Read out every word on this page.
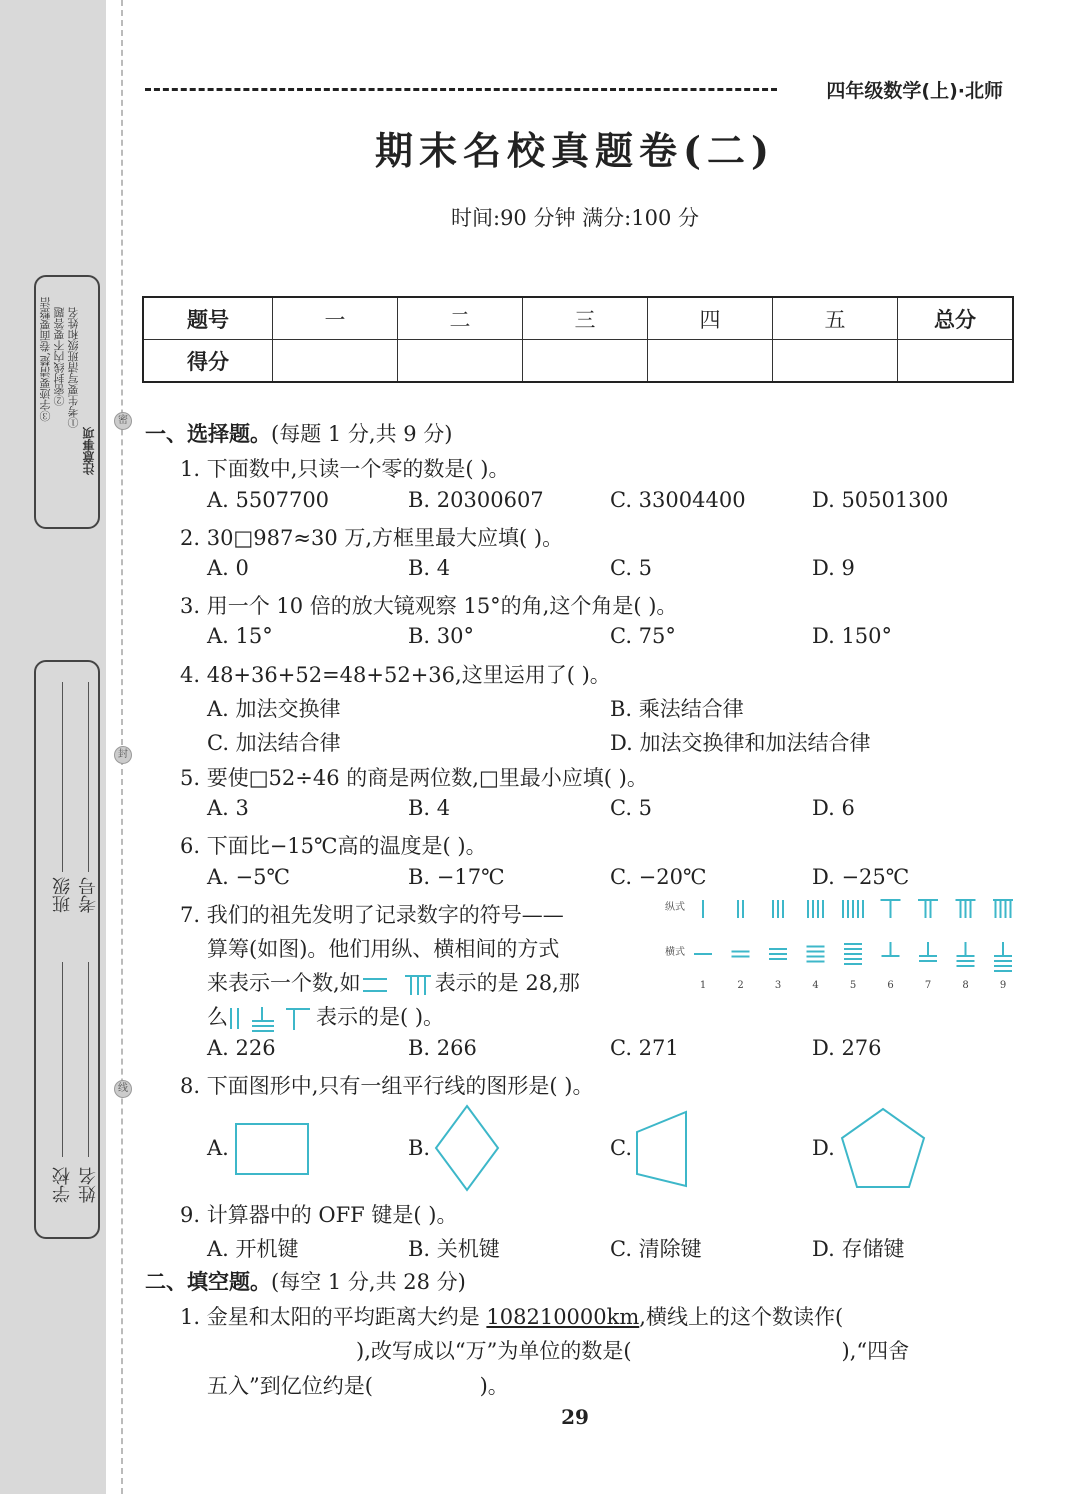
注意事项
①考生要写清班级和姓名
②密封线内不要答题
③字迹要清楚,卷面要整洁
班级 考号
学校 姓名
密
封
线
四年级数学(上)·北师
期末名校真题卷(二)
时间:90 分钟 满分:100 分
题号	一	二	三	四	五	总分
得分						
一、选择题。(每题 1 分,共 9 分)
1. 下面数中,只读一个零的数是( )。
A. 5507700	B. 20300607	C. 33004400	D. 50501300
2. 30□987≈30 万,方框里最大应填( )。
A. 0	B. 4	C. 5	D. 9
3. 用一个 10 倍的放大镜观察 15°的角,这个角是( )。
A. 15°	B. 30°	C. 75°	D. 150°
4. 48+36+52=48+52+36,这里运用了( )。
A. 加法交换律	B. 乘法结合律
C. 加法结合律	D. 加法交换律和加法结合律
5. 要使□52÷46 的商是两位数,□里最小应填( )。
A. 3	B. 4	C. 5	D. 6
6. 下面比−15℃高的温度是( )。
A. −5℃	B. −17℃	C. −20℃	D. −25℃
7. 我们的祖先发明了记录数字的符号——
算筹(如图)。他们用纵、横相间的方式
来表示一个数,如	表示的是 28,那
么	表示的是( )。
A. 226	B. 266	C. 271	D. 276
纵式
横式
1	2	3	4	5	6	7	8	9
8. 下面图形中,只有一组平行线的图形是( )。
A.	B.	C.	D.
9. 计算器中的 OFF 键是( )。
A. 开机键	B. 关机键	C. 清除键	D. 存储键
二、填空题。(每空 1 分,共 28 分)
1. 金星和太阳的平均距离大约是 108210000km,横线上的这个数读作(
),改写成以“万”为单位的数是(	),“四舍
五入”到亿位约是(	)。
29
